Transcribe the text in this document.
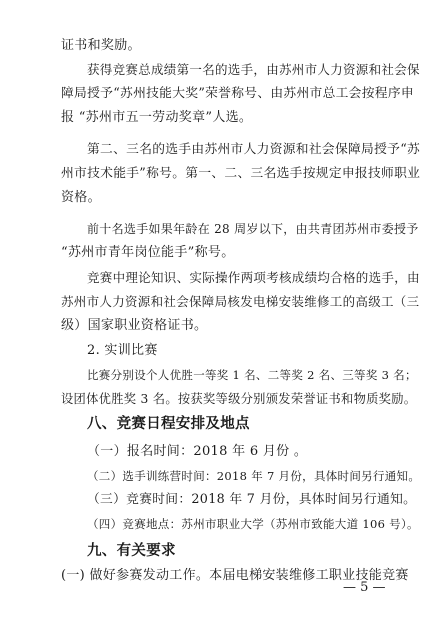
证书和奖励。
获得竞赛总成绩第一名的选手，由苏州市人力资源和社会保
障局授予“苏州技能大奖”荣誉称号、由苏州市总工会按程序申
报 “苏州市五一劳动奖章”人选。
第二、三名的选手由苏州市人力资源和社会保障局授予“苏
州市技术能手”称号。第一、二、三名选手按规定申报技师职业
资格。
前十名选手如果年龄在 28 周岁以下，由共青团苏州市委授予
“苏州市青年岗位能手”称号。
竞赛中理论知识、实际操作两项考核成绩均合格的选手，由
苏州市人力资源和社会保障局核发电梯安装维修工的高级工（三
级）国家职业资格证书。
2. 实训比赛
比赛分别设个人优胜一等奖 1 名、二等奖 2 名、三等奖 3 名；
设团体优胜奖 3 名。按获奖等级分别颁发荣誉证书和物质奖励。
八、竞赛日程安排及地点
（一）报名时间：2018 年 6 月份 。
（二）选手训练营时间：2018 年 7 月份，具体时间另行通知。
（三）竞赛时间：2018 年 7 月份，具体时间另行通知。
（四）竞赛地点：苏州市职业大学（苏州市致能大道 106 号）。
九、有关要求
(一) 做好参赛发动工作。本届电梯安装维修工职业技能竞赛
— 5 —
